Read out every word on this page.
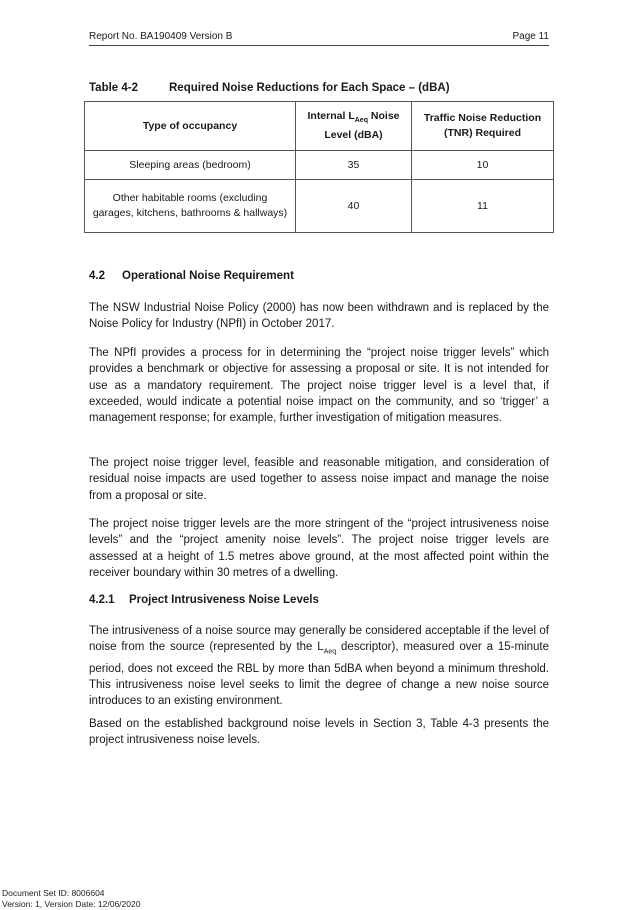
Report No. BA190409 Version B	Page 11
Table 4-2	Required Noise Reductions for Each Space – (dBA)
Type of occupancy	Internal $L_{Aeq}$ Noise Level (dBA)	Traffic Noise Reduction (TNR) Required
Sleeping areas (bedroom)	35	10
Other habitable rooms (excluding garages, kitchens, bathrooms & hallways)	40	11
4.2 Operational Noise Requirement
The NSW Industrial Noise Policy (2000) has now been withdrawn and is replaced by the Noise Policy for Industry (NPfI) in October 2017.
The NPfI provides a process for in determining the “project noise trigger levels” which provides a benchmark or objective for assessing a proposal or site. It is not intended for use as a mandatory requirement. The project noise trigger level is a level that, if exceeded, would indicate a potential noise impact on the community, and so ‘trigger’ a management response; for example, further investigation of mitigation measures.
The project noise trigger level, feasible and reasonable mitigation, and consideration of residual noise impacts are used together to assess noise impact and manage the noise from a proposal or site.
The project noise trigger levels are the more stringent of the “project intrusiveness noise levels” and the “project amenity noise levels”. The project noise trigger levels are assessed at a height of 1.5 metres above ground, at the most affected point within the receiver boundary within 30 metres of a dwelling.
4.2.1 Project Intrusiveness Noise Levels
The intrusiveness of a noise source may generally be considered acceptable if the level of noise from the source (represented by the $L_{Aeq}$ descriptor), measured over a 15-minute period, does not exceed the RBL by more than 5dBA when beyond a minimum threshold. This intrusiveness noise level seeks to limit the degree of change a new noise source introduces to an existing environment.
Based on the established background noise levels in Section 3, Table 4-3 presents the project intrusiveness noise levels.
Document Set ID: 8006604
Version: 1, Version Date: 12/06/2020
